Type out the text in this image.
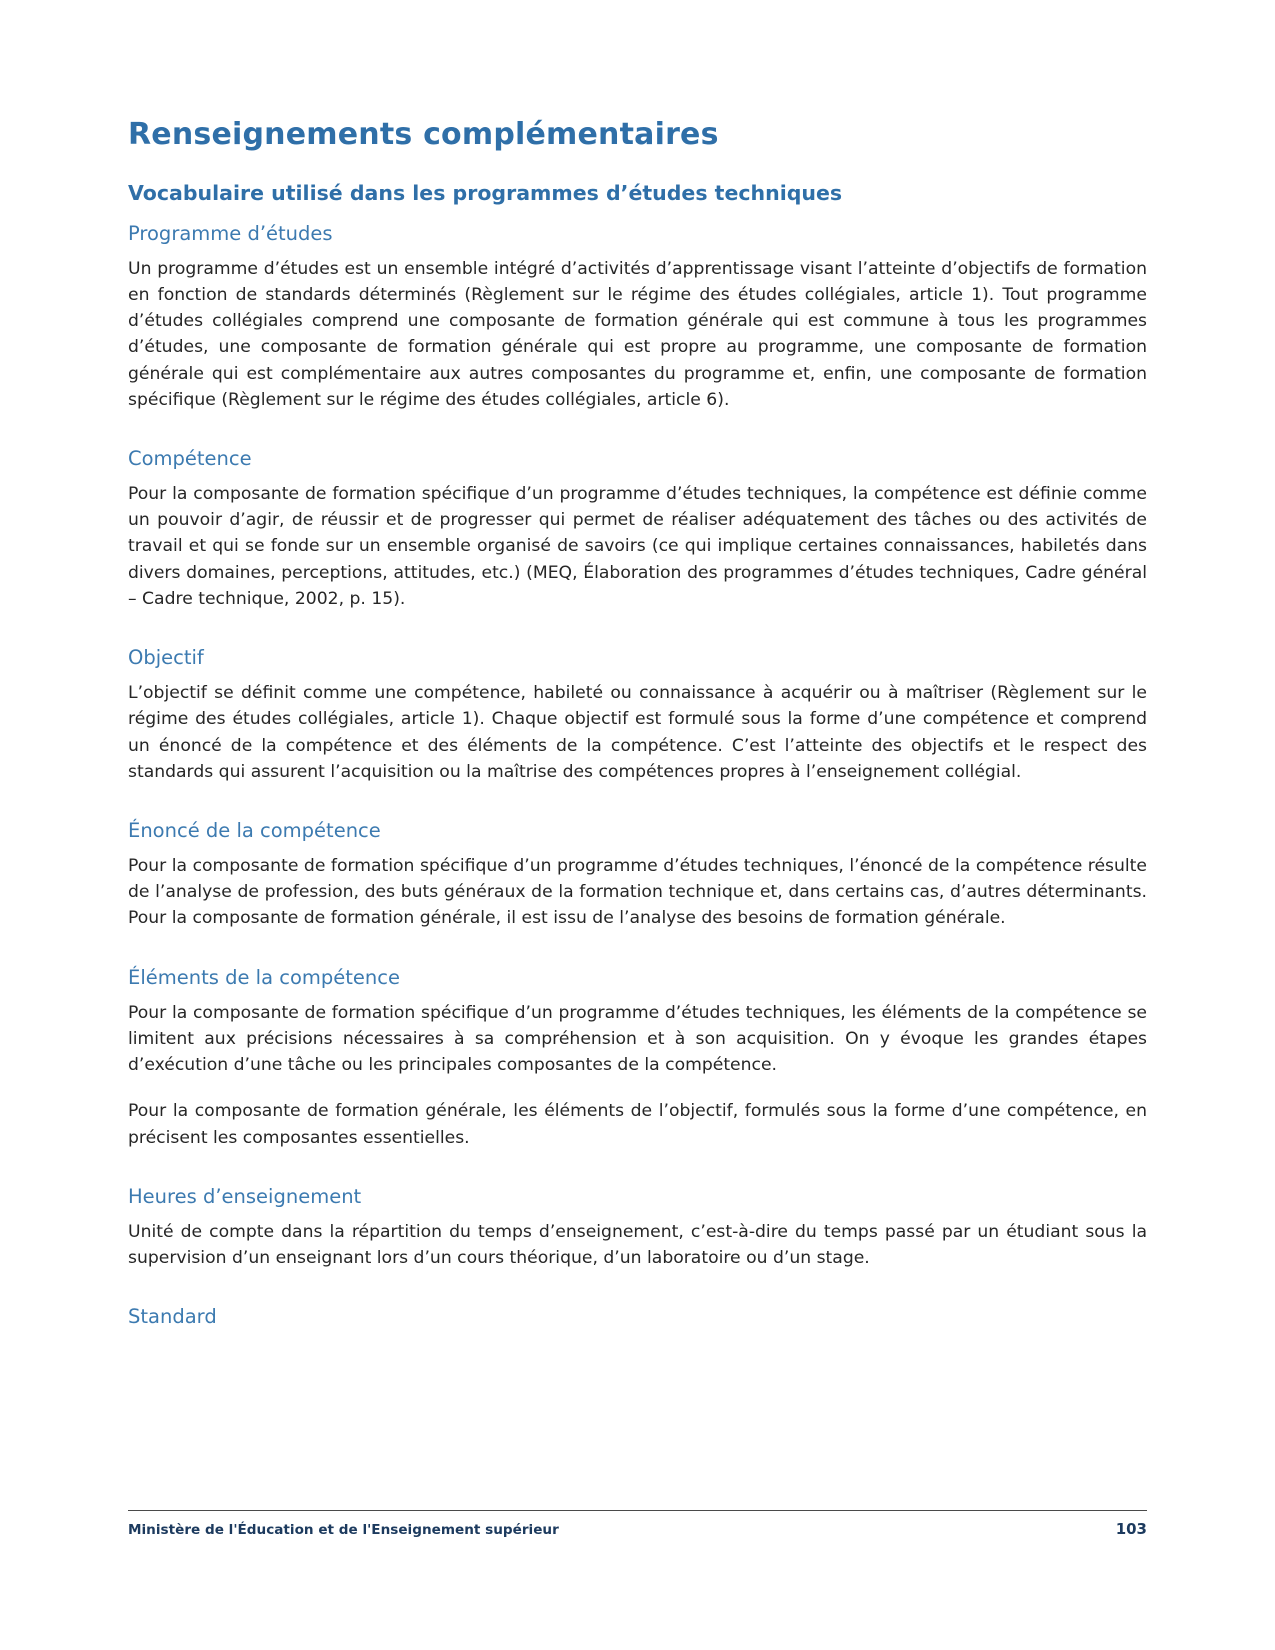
Renseignements complémentaires
Vocabulaire utilisé dans les programmes d’études techniques
Programme d’études

Un programme d’études est un ensemble intégré d’activités d’apprentissage visant l’atteinte d’objectifs de formation en fonction de standards déterminés (Règlement sur le régime des études collégiales, article 1). Tout programme d’études collégiales comprend une composante de formation générale qui est commune à tous les programmes d’études, une composante de formation générale qui est propre au programme, une composante de formation générale qui est complémentaire aux autres composantes du programme et, enfin, une composante de formation spécifique (Règlement sur le régime des études collégiales, article 6).

Compétence

Pour la composante de formation spécifique d’un programme d’études techniques, la compétence est définie comme un pouvoir d’agir, de réussir et de progresser qui permet de réaliser adéquatement des tâches ou des activités de travail et qui se fonde sur un ensemble organisé de savoirs (ce qui implique certaines connaissances, habiletés dans divers domaines, perceptions, attitudes, etc.) (MEQ, Élaboration des programmes d’études techniques, Cadre général – Cadre technique, 2002, p. 15).

Objectif

L’objectif se définit comme une compétence, habileté ou connaissance à acquérir ou à maîtriser (Règlement sur le régime des études collégiales, article 1). Chaque objectif est formulé sous la forme d’une compétence et comprend un énoncé de la compétence et des éléments de la compétence. C’est l’atteinte des objectifs et le respect des standards qui assurent l’acquisition ou la maîtrise des compétences propres à l’enseignement collégial.

Énoncé de la compétence

Pour la composante de formation spécifique d’un programme d’études techniques, l’énoncé de la compétence résulte de l’analyse de profession, des buts généraux de la formation technique et, dans certains cas, d’autres déterminants. Pour la composante de formation générale, il est issu de l’analyse des besoins de formation générale.

Éléments de la compétence

Pour la composante de formation spécifique d’un programme d’études techniques, les éléments de la compétence se limitent aux précisions nécessaires à sa compréhension et à son acquisition. On y évoque les grandes étapes d’exécution d’une tâche ou les principales composantes de la compétence.

Pour la composante de formation générale, les éléments de l’objectif, formulés sous la forme d’une compétence, en précisent les composantes essentielles.

Heures d’enseignement

Unité de compte dans la répartition du temps d’enseignement, c’est-à-dire du temps passé par un étudiant sous la supervision d’un enseignant lors d’un cours théorique, d’un laboratoire ou d’un stage.

Standard
Ministère de l'Éducation et de l'Enseignement supérieur	103
